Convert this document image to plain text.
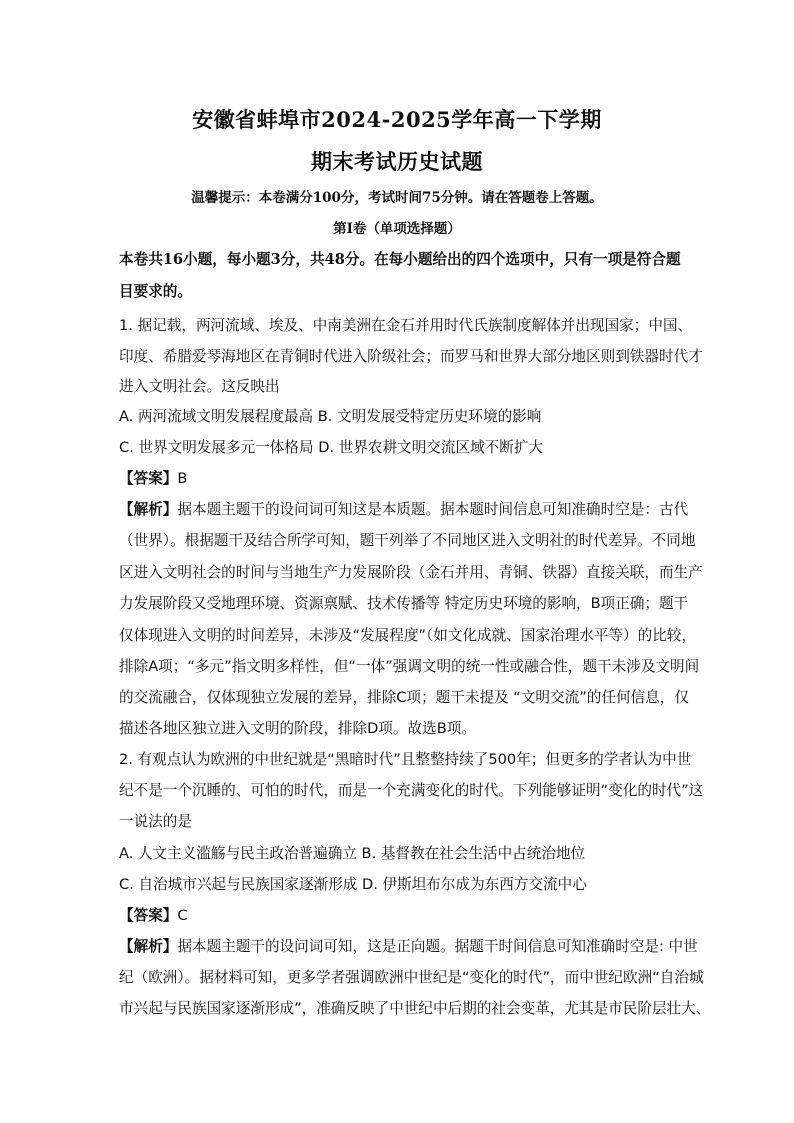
安徽省蚌埠市2024-2025学年高一下学期
期末考试历史试题
温馨提示：本卷满分100分，考试时间75分钟。请在答题卷上答题。
第Ⅰ卷（单项选择题）
本卷共16小题，每小题3分，共48分。在每小题给出的四个选项中，只有一项是符合题
目要求的。
1. 据记载，两河流域、埃及、中南美洲在金石并用时代氏族制度解体并出现国家；中国、
印度、希腊爱琴海地区在青铜时代进入阶级社会；而罗马和世界大部分地区则到铁器时代才
进入文明社会。这反映出
A. 两河流域文明发展程度最高 B. 文明发展受特定历史环境的影响
C. 世界文明发展多元一体格局 D. 世界农耕文明交流区域不断扩大
【答案】B
【解析】据本题主题干的设问词可知这是本质题。据本题时间信息可知准确时空是：古代
（世界）。根据题干及结合所学可知，题干列举了不同地区进入文明社的时代差异。不同地
区进入文明社会的时间与当地生产力发展阶段（金石并用、青铜、铁器）直接关联，而生产
力发展阶段又受地理环境、资源禀赋、技术传播等 特定历史环境的影响，B项正确；题干
仅体现进入文明的时间差异，未涉及“发展程度”（如文化成就、国家治理水平等）的比较，
排除A项；“多元”指文明多样性，但“一体”强调文明的统一性或融合性，题干未涉及文明间
的交流融合，仅体现独立发展的差异，排除C项；题干未提及 “文明交流”的任何信息，仅
描述各地区独立进入文明的阶段，排除D项。故选B项。
2. 有观点认为欧洲的中世纪就是“黑暗时代”且整整持续了500年；但更多的学者认为中世
纪不是一个沉睡的、可怕的时代，而是一个充满变化的时代。下列能够证明“变化的时代”这
一说法的是
A. 人文主义滥觞与民主政治普遍确立 B. 基督教在社会生活中占统治地位
C. 自治城市兴起与民族国家逐渐形成 D. 伊斯坦布尔成为东西方交流中心
【答案】C
【解析】据本题主题干的设问词可知，这是正向题。据题干时间信息可知准确时空是: 中世
纪（欧洲）。据材料可知，更多学者强调欧洲中世纪是“变化的时代”，而中世纪欧洲“自治城
市兴起与民族国家逐渐形成”，准确反映了中世纪中后期的社会变革，尤其是市民阶层壮大、
